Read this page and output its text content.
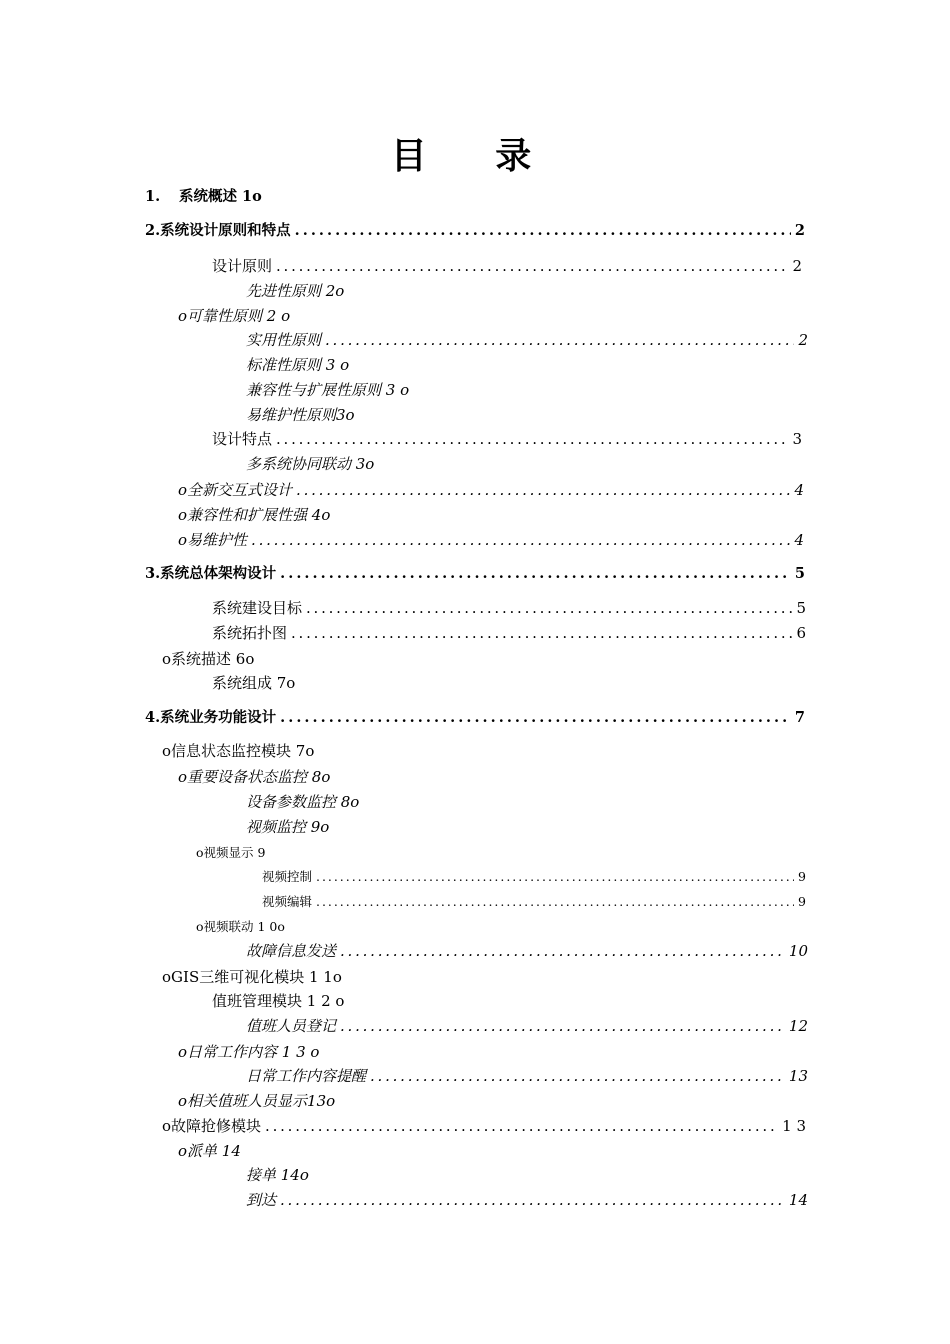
目 录
1.	系统概述 1o
2. 系统设计原则和特点 . . .	2
设计原则 . . .	2
先进性原则 2o
o可靠性原则 2 o
实用性原则 . . .	2
标准性原则 3 o
兼容性与扩展性原则 3 o
易维护性原则3o
设计特点 . . .	3
多系统协同联动 3o
o全新交互式设计 . . .	4
o兼容性和扩展性强 4o
o易维护性 . . .	4
3. 系统总体架构设计 . . .	5
系统建设目标 . . .	5
系统拓扑图 . . .	6
o系统描述 6o
系统组成 7o
4. 系统业务功能设计 . . .	7
o信息状态监控模块 7o
o重要设备状态监控 8o
设备参数监控 8o
视频监控 9o
o视频显示 9
视频控制 . . .	9
视频编辑 . . .	9
o视频联动 1 0o
故障信息发送 . . .	10
oGIS三维可视化模块 1 1o
值班管理模块 1 2 o
值班人员登记 . . .	12
o日常工作内容 1 3 o
日常工作内容提醒 . . .	13
o相关值班人员显示13o
o故障抢修模块 . . .	1 3
o派单 14
接单 14o
到达 . . .	14
